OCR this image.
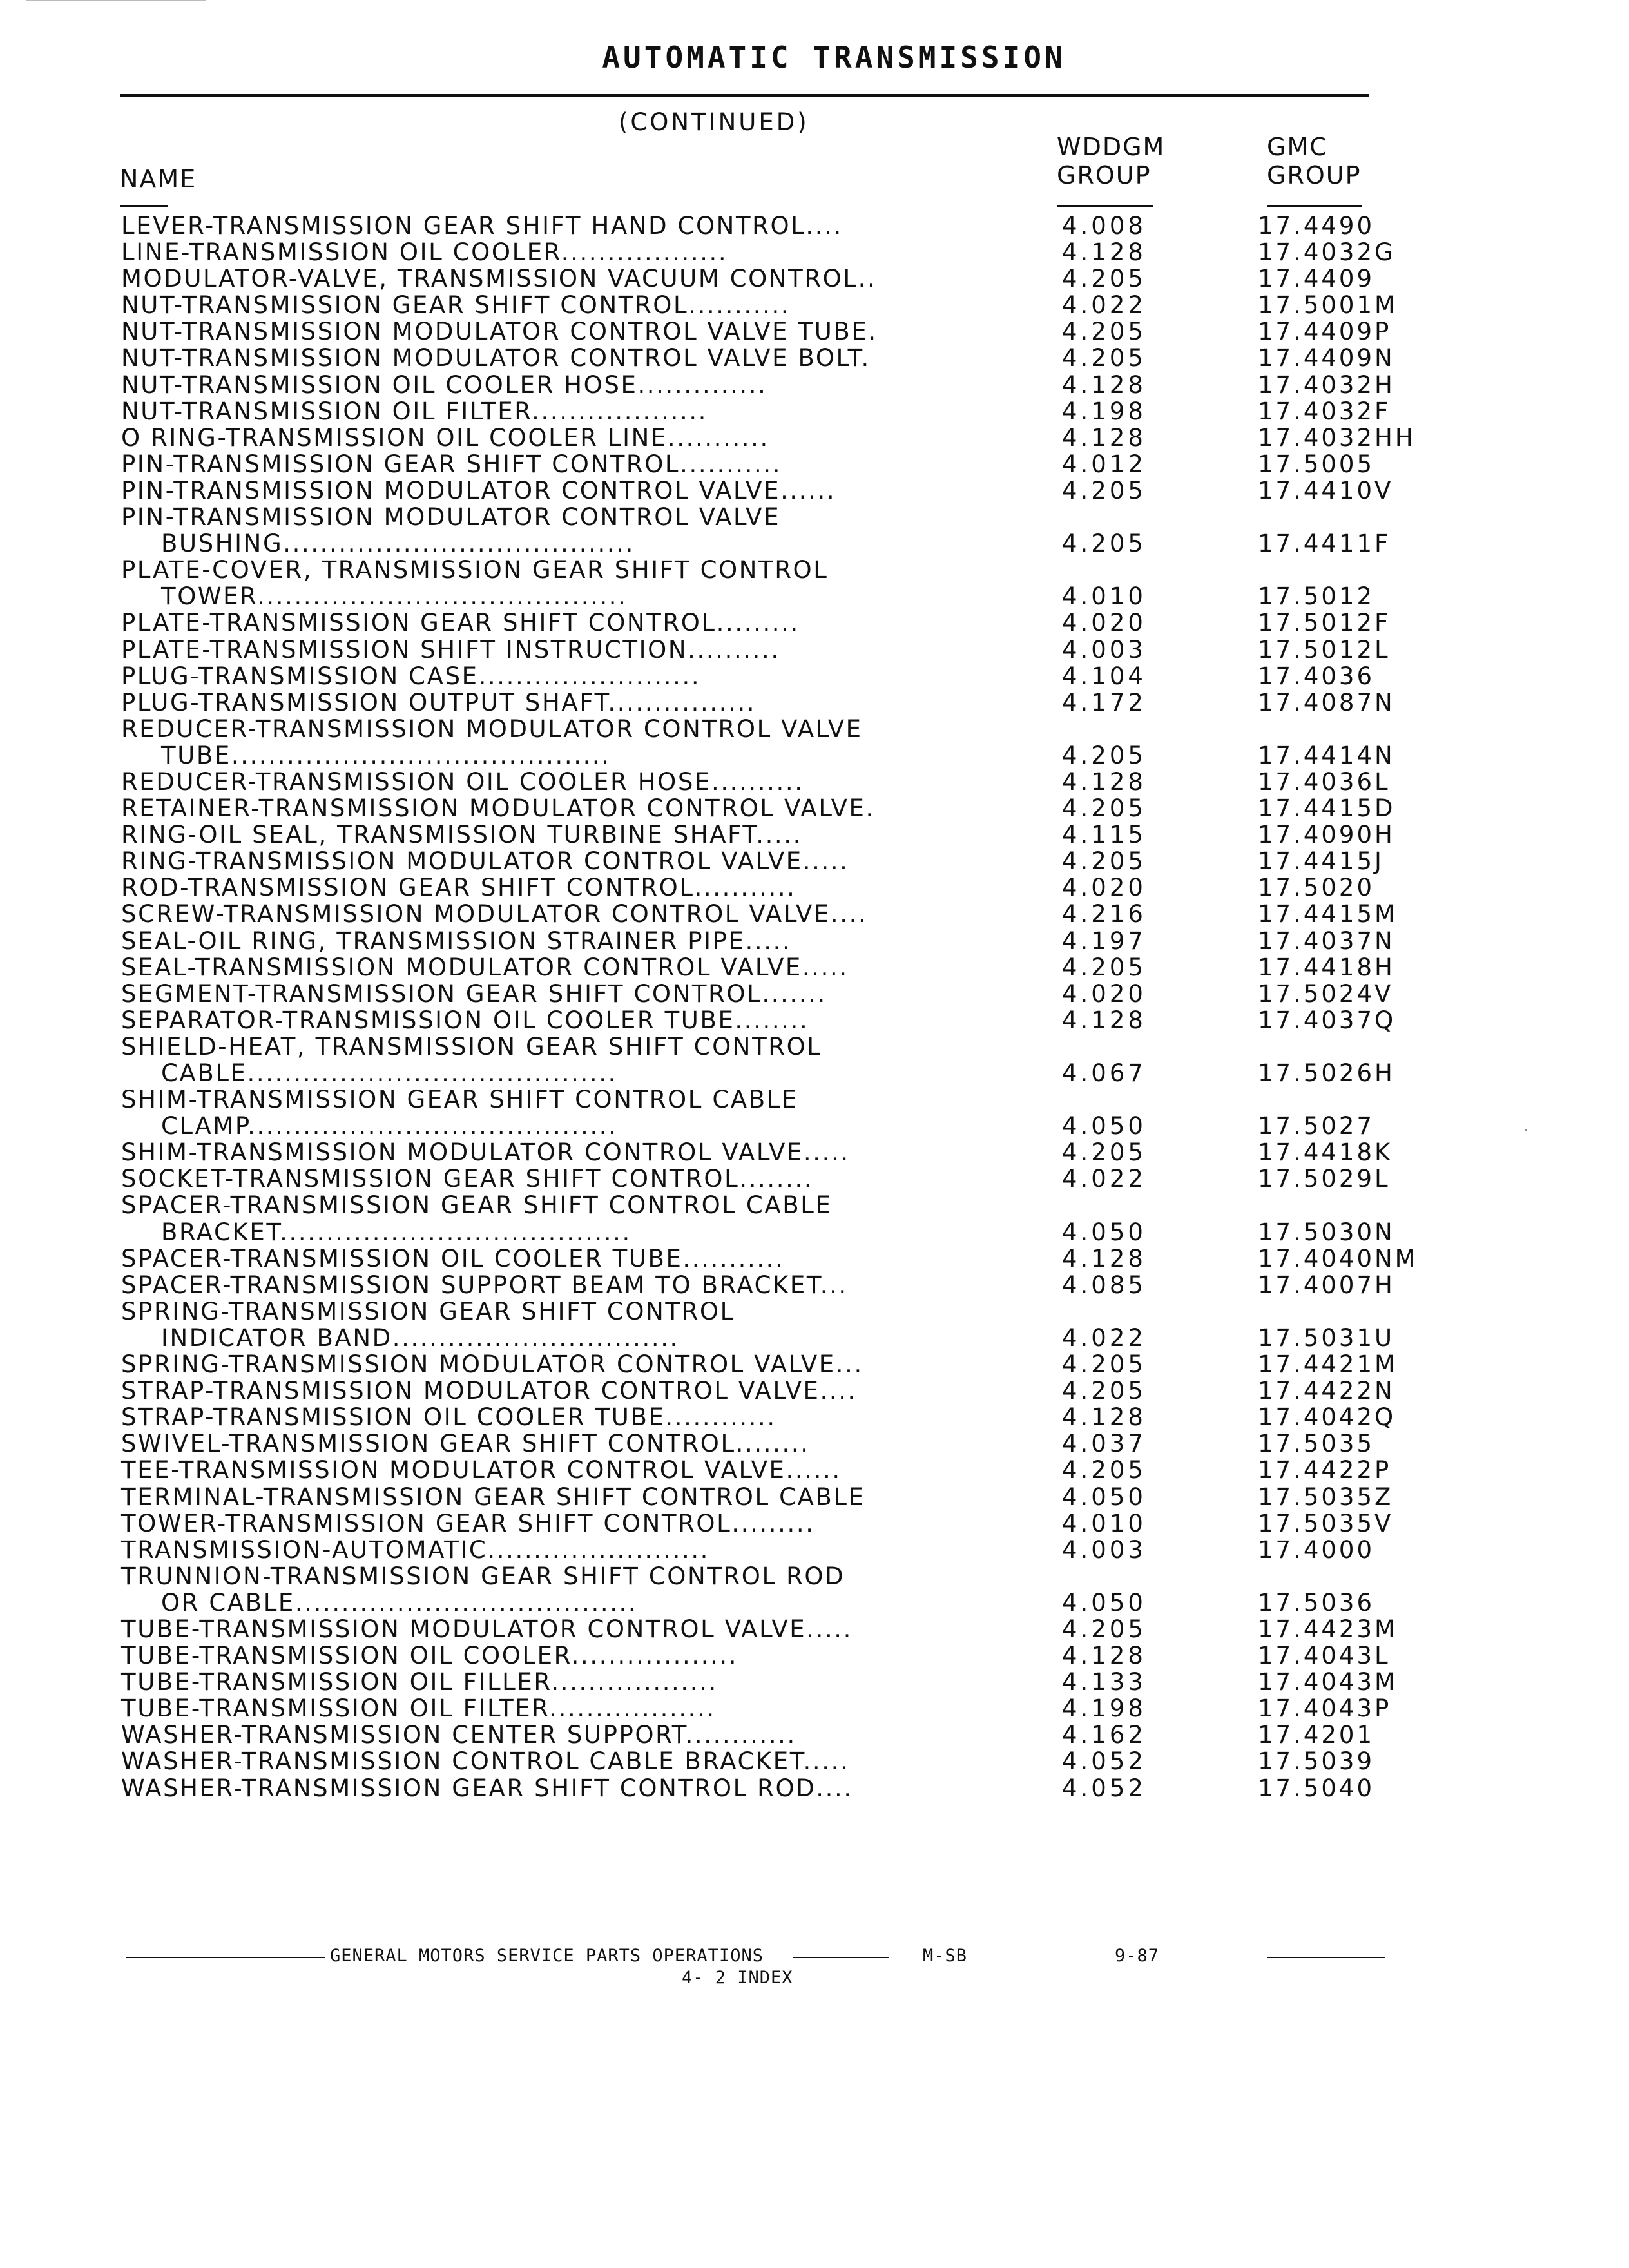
AUTOMATIC TRANSMISSION
(CONTINUED)
NAME
WDDGM
GROUP
GMC
GROUP
LEVER-TRANSMISSION GEAR SHIFT HAND CONTROL....	4.008	17.4490
LINE-TRANSMISSION OIL COOLER..................	4.128	17.4032G
MODULATOR-VALVE, TRANSMISSION VACUUM CONTROL..	4.205	17.4409
NUT-TRANSMISSION GEAR SHIFT CONTROL...........	4.022	17.5001M
NUT-TRANSMISSION MODULATOR CONTROL VALVE TUBE.	4.205	17.4409P
NUT-TRANSMISSION MODULATOR CONTROL VALVE BOLT.	4.205	17.4409N
NUT-TRANSMISSION OIL COOLER HOSE..............	4.128	17.4032H
NUT-TRANSMISSION OIL FILTER...................	4.198	17.4032F
O RING-TRANSMISSION OIL COOLER LINE...........	4.128	17.4032HH
PIN-TRANSMISSION GEAR SHIFT CONTROL...........	4.012	17.5005
PIN-TRANSMISSION MODULATOR CONTROL VALVE......	4.205	17.4410V
PIN-TRANSMISSION MODULATOR CONTROL VALVE
BUSHING......................................	4.205	17.4411F
PLATE-COVER, TRANSMISSION GEAR SHIFT CONTROL
TOWER........................................	4.010	17.5012
PLATE-TRANSMISSION GEAR SHIFT CONTROL.........	4.020	17.5012F
PLATE-TRANSMISSION SHIFT INSTRUCTION..........	4.003	17.5012L
PLUG-TRANSMISSION CASE........................	4.104	17.4036
PLUG-TRANSMISSION OUTPUT SHAFT................	4.172	17.4087N
REDUCER-TRANSMISSION MODULATOR CONTROL VALVE
TUBE.........................................	4.205	17.4414N
REDUCER-TRANSMISSION OIL COOLER HOSE..........	4.128	17.4036L
RETAINER-TRANSMISSION MODULATOR CONTROL VALVE.	4.205	17.4415D
RING-OIL SEAL, TRANSMISSION TURBINE SHAFT.....	4.115	17.4090H
RING-TRANSMISSION MODULATOR CONTROL VALVE.....	4.205	17.4415J
ROD-TRANSMISSION GEAR SHIFT CONTROL...........	4.020	17.5020
SCREW-TRANSMISSION MODULATOR CONTROL VALVE....	4.216	17.4415M
SEAL-OIL RING, TRANSMISSION STRAINER PIPE.....	4.197	17.4037N
SEAL-TRANSMISSION MODULATOR CONTROL VALVE.....	4.205	17.4418H
SEGMENT-TRANSMISSION GEAR SHIFT CONTROL.......	4.020	17.5024V
SEPARATOR-TRANSMISSION OIL COOLER TUBE........	4.128	17.4037Q
SHIELD-HEAT, TRANSMISSION GEAR SHIFT CONTROL
CABLE........................................	4.067	17.5026H
SHIM-TRANSMISSION GEAR SHIFT CONTROL CABLE
CLAMP........................................	4.050	17.5027
SHIM-TRANSMISSION MODULATOR CONTROL VALVE.....	4.205	17.4418K
SOCKET-TRANSMISSION GEAR SHIFT CONTROL........	4.022	17.5029L
SPACER-TRANSMISSION GEAR SHIFT CONTROL CABLE
BRACKET......................................	4.050	17.5030N
SPACER-TRANSMISSION OIL COOLER TUBE...........	4.128	17.4040NM
SPACER-TRANSMISSION SUPPORT BEAM TO BRACKET...	4.085	17.4007H
SPRING-TRANSMISSION GEAR SHIFT CONTROL
INDICATOR BAND...............................	4.022	17.5031U
SPRING-TRANSMISSION MODULATOR CONTROL VALVE...	4.205	17.4421M
STRAP-TRANSMISSION MODULATOR CONTROL VALVE....	4.205	17.4422N
STRAP-TRANSMISSION OIL COOLER TUBE............	4.128	17.4042Q
SWIVEL-TRANSMISSION GEAR SHIFT CONTROL........	4.037	17.5035
TEE-TRANSMISSION MODULATOR CONTROL VALVE......	4.205	17.4422P
TERMINAL-TRANSMISSION GEAR SHIFT CONTROL CABLE	4.050	17.5035Z
TOWER-TRANSMISSION GEAR SHIFT CONTROL.........	4.010	17.5035V
TRANSMISSION-AUTOMATIC........................	4.003	17.4000
TRUNNION-TRANSMISSION GEAR SHIFT CONTROL ROD
OR CABLE.....................................	4.050	17.5036
TUBE-TRANSMISSION MODULATOR CONTROL VALVE.....	4.205	17.4423M
TUBE-TRANSMISSION OIL COOLER..................	4.128	17.4043L
TUBE-TRANSMISSION OIL FILLER..................	4.133	17.4043M
TUBE-TRANSMISSION OIL FILTER..................	4.198	17.4043P
WASHER-TRANSMISSION CENTER SUPPORT............	4.162	17.4201
WASHER-TRANSMISSION CONTROL CABLE BRACKET.....	4.052	17.5039
WASHER-TRANSMISSION GEAR SHIFT CONTROL ROD....	4.052	17.5040
GENERAL MOTORS SERVICE PARTS OPERATIONS	M-SB	9-87
4- 2 INDEX
